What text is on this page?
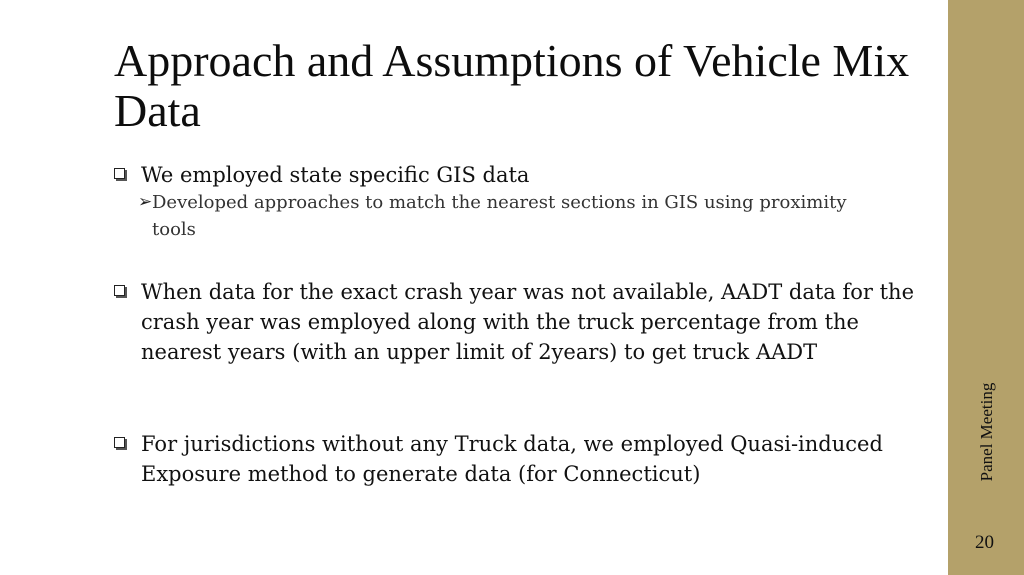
Approach and Assumptions of Vehicle Mix Data
We employed state specific GIS data
➢ Developed approaches to match the nearest sections in GIS using proximity tools
When data for the exact crash year was not available, AADT data for the crash year was employed along with the truck percentage from the nearest years (with an upper limit of 2years) to get truck AADT
For jurisdictions without any Truck data, we employed Quasi-induced Exposure method to generate data (for Connecticut)	Panel Meeting
20
